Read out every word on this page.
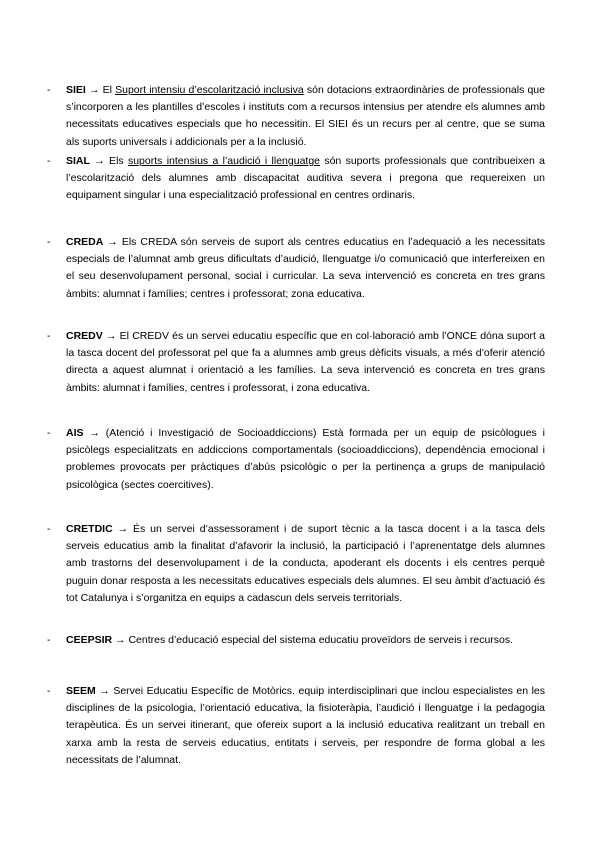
- SIEI → El Suport intensiu d’escolarització inclusiva són dotacions extraordinàries de professionals que s’incorporen a les plantilles d’escoles i instituts com a recursos intensius per atendre els alumnes amb necessitats educatives especials que ho necessitin. El SIEI és un recurs per al centre, que se suma als suports universals i addicionals per a la inclusió.
- SIAL → Els suports intensius a l’audició i llenguatge són suports professionals que contribueixen a l’escolarització dels alumnes amb discapacitat auditiva severa i pregona que requereixen un equipament singular i una especialització professional en centres ordinaris.
- CREDA → Els CREDA són serveis de suport als centres educatius en l’adequació a les necessitats especials de l’alumnat amb greus dificultats d’audició, llenguatge i/o comunicació que interfereixen en el seu desenvolupament personal, social i curricular. La seva intervenció es concreta en tres grans àmbits: alumnat i famílies; centres i professorat; zona educativa.
- CREDV → El CREDV és un servei educatiu específic que en col·laboració amb l’ONCE dóna suport a la tasca docent del professorat pel que fa a alumnes amb greus dèficits visuals, a més d’oferir atenció directa a aquest alumnat i orientació a les famílies. La seva intervenció es concreta en tres grans àmbits: alumnat i famílies, centres i professorat, i zona educativa.
- AIS → (Atenció i Investigació de Socioaddiccions) Està formada per un equip de psicòlogues i psicòlegs especialitzats en addiccions comportamentals (socioaddiccions), dependència emocional i problemes provocats per pràctiques d’abús psicològic o per la pertinença a grups de manipulació psicològica (sectes coercitives).
- CRETDIC → És un servei d’assessorament i de suport tècnic a la tasca docent i a la tasca dels serveis educatius amb la finalitat d’afavorir la inclusió, la participació i l’aprenentatge dels alumnes amb trastorns del desenvolupament i de la conducta, apoderant els docents i els centres perquè puguin donar resposta a les necessitats educatives especials dels alumnes. El seu àmbit d’actuació és tot Catalunya i s’organitza en equips a cadascun dels serveis territorials.
- CEEPSIR → Centres d’educació especial del sistema educatiu proveïdors de serveis i recursos.
- SEEM → Servei Educatiu Específic de Motòrics. equip interdisciplinari que inclou especialistes en les disciplines de la psicologia, l’orientació educativa, la fisioteràpia, l’audició i llenguatge i la pedagogia terapèutica. És un servei itinerant, que ofereix suport a la inclusió educativa realitzant un treball en xarxa amb la resta de serveis educatius, entitats i serveis, per respondre de forma global a les necessitats de l’alumnat.
